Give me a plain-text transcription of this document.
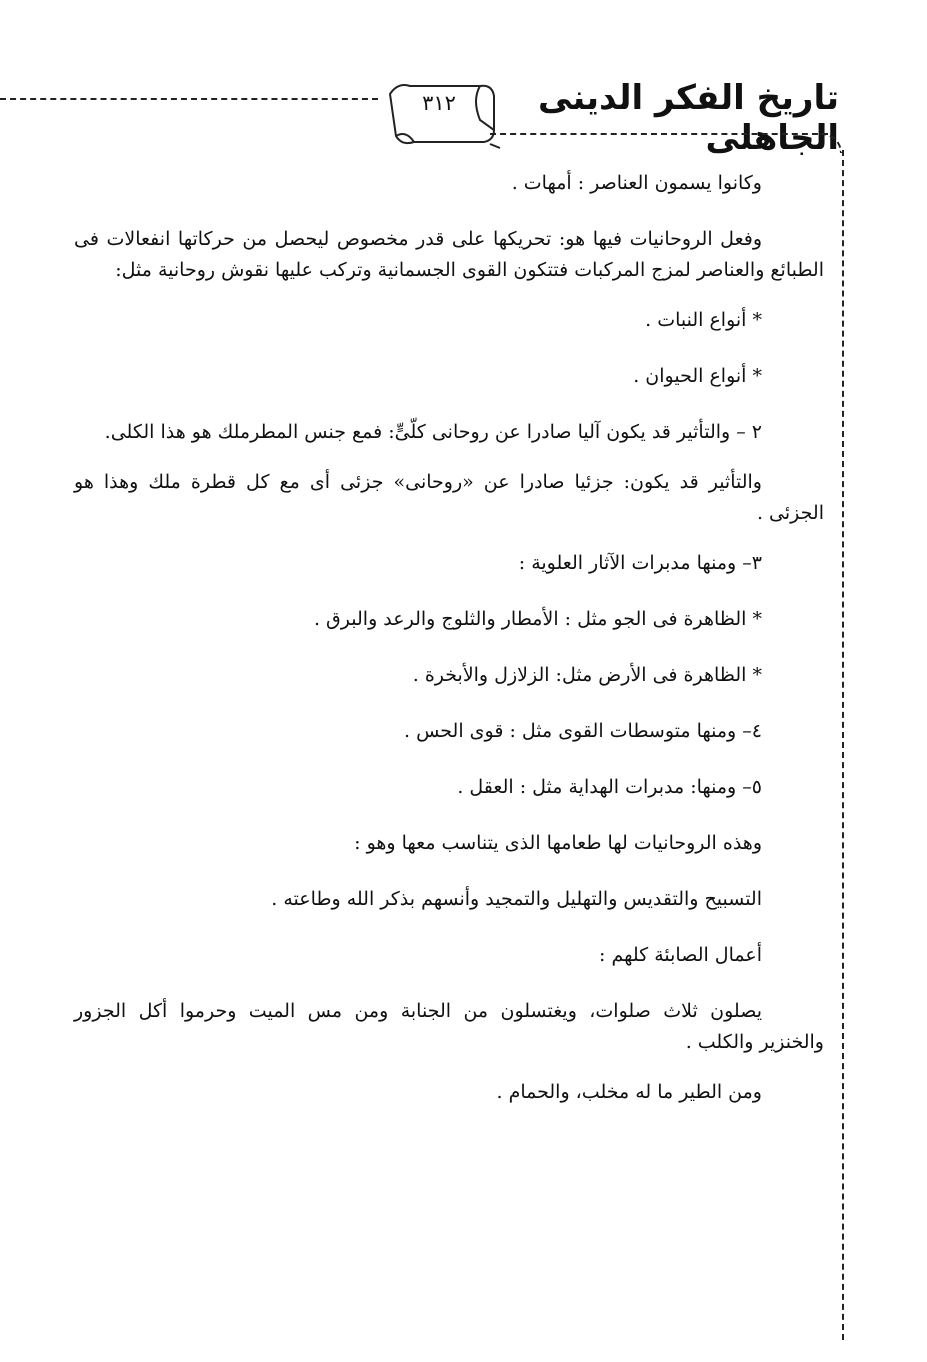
٣١٢	تاريخ الفكر الدينى الجاهلى

وكانوا يسمون العناصر : أمهات .

وفعل الروحانيات فيها هو: تحريكها على قدر مخصوص ليحصل من حركاتها انفعالات فى الطبائع والعناصر لمزج المركبات فتتكون القوى الجسمانية وتركب عليها نقوش روحانية مثل:

* أنواع النبات .

* أنواع الحيوان .

٢ – والتأثير قد يكون آليا صادرا عن روحانى كلّىٍّ: فمع جنس المطرملك هو هذا الكلى.

والتأثير قد يكون: جزئيا صادرا عن «روحانى» جزئى أى مع كل قطرة ملك وهذا هو الجزئى .

٣– ومنها مدبرات الآثار العلوية :

* الظاهرة فى الجو مثل : الأمطار والثلوج والرعد والبرق .

* الظاهرة فى الأرض مثل: الزلازل والأبخرة .

٤– ومنها متوسطات القوى مثل : قوى الحس .

٥– ومنها: مدبرات الهداية مثل : العقل .

وهذه الروحانيات لها طعامها الذى يتناسب معها وهو :

التسبيح والتقديس والتهليل والتمجيد وأنسهم بذكر الله وطاعته .

أعمال الصابئة كلهم :

يصلون ثلاث صلوات، ويغتسلون من الجنابة ومن مس الميت وحرموا أكل الجزور والخنزير والكلب .

ومن الطير ما له مخلب، والحمام .
